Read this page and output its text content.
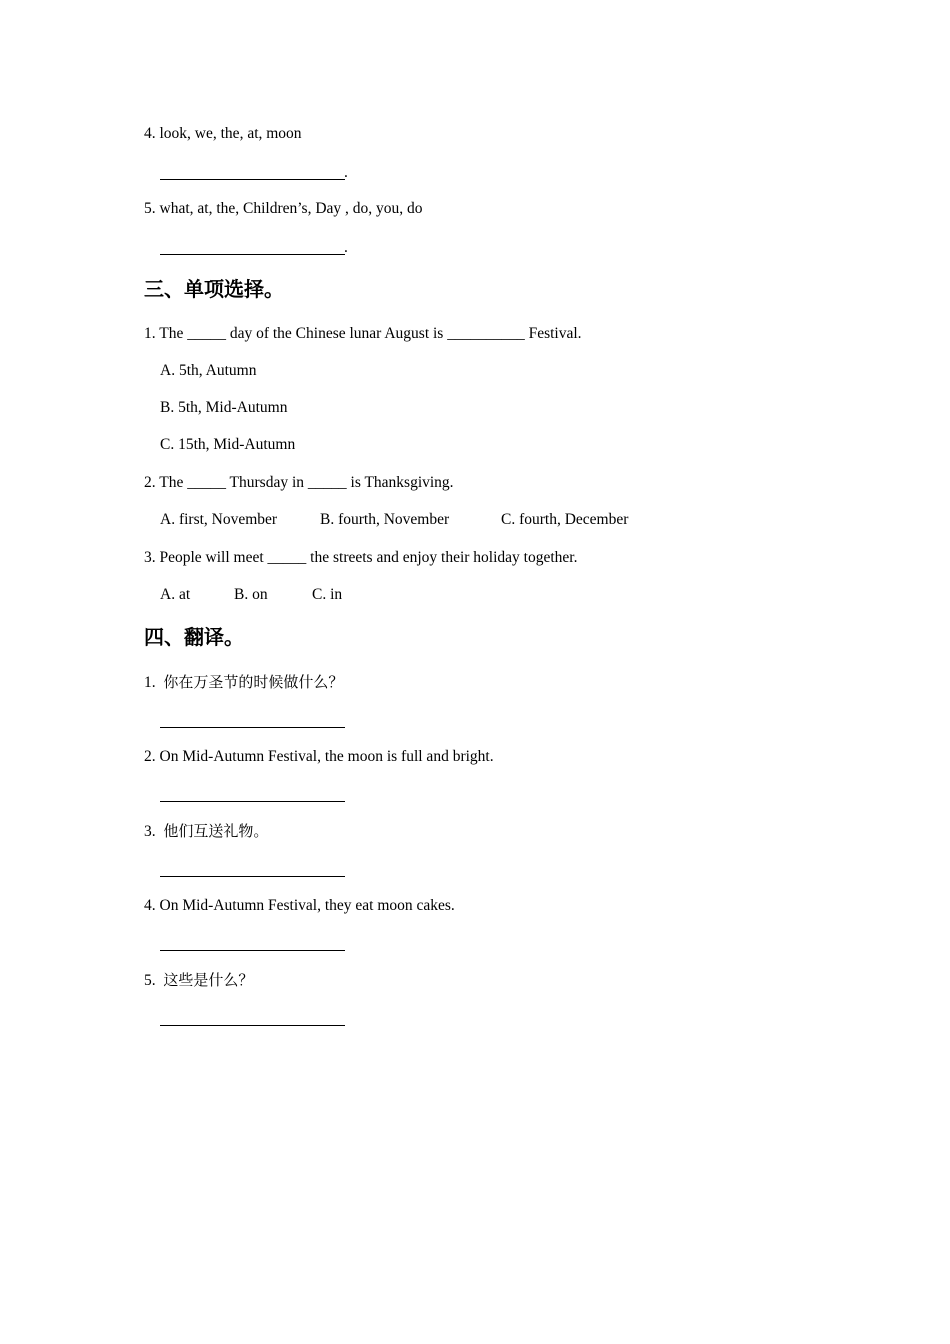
4. look, we, the, at, moon
.
5. what, at, the, Children’s, Day , do, you, do
.
三、单项选择。
1. The _____ day of the Chinese lunar August is __________ Festival.
A. 5th, Autumn
B. 5th, Mid-Autumn
C. 15th, Mid-Autumn
2. The _____ Thursday in _____ is Thanksgiving.
A. first, November	B. fourth, November	C. fourth, December
3. People will meet _____ the streets and enjoy their holiday together.
A. at	B. on	C. in
四、翻译。
1. 你在万圣节的时候做什么？
2. On Mid-Autumn Festival, the moon is full and bright.
3. 他们互送礼物。
4. On Mid-Autumn Festival, they eat moon cakes.
5. 这些是什么？
